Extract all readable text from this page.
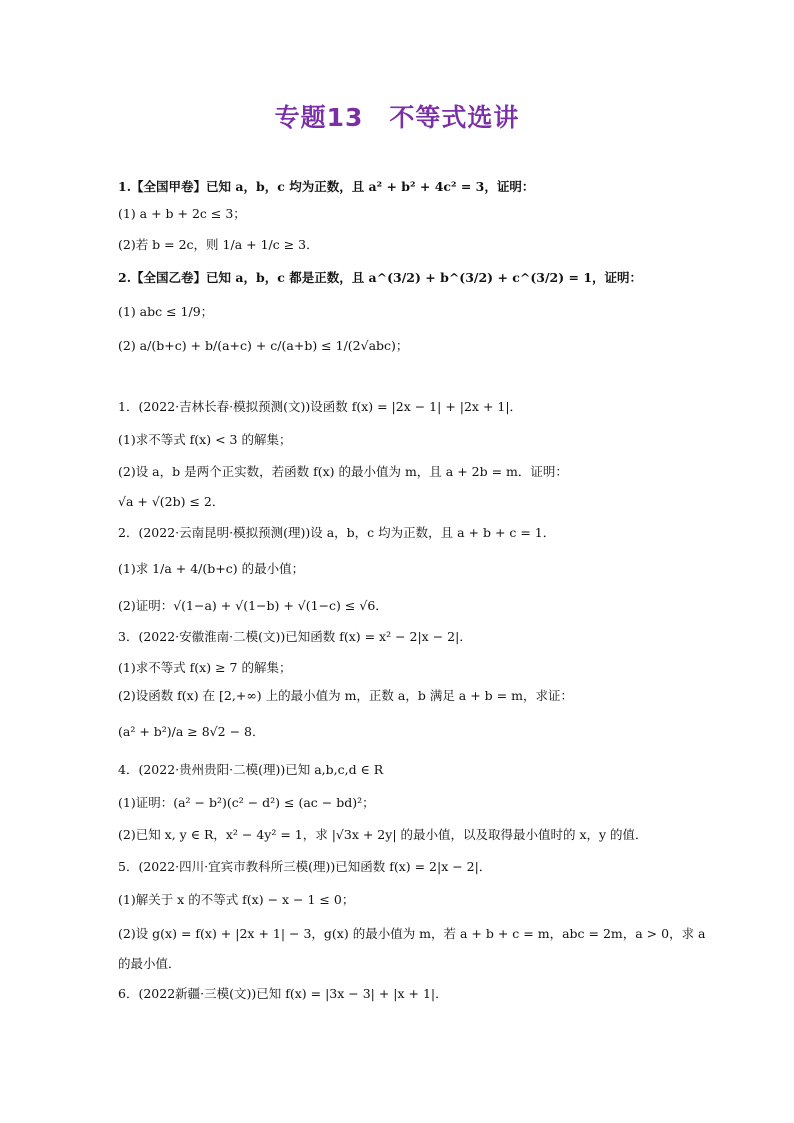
专题13　不等式选讲
1.【全国甲卷】已知 a，b，c 均为正数，且 a² + b² + 4c² = 3，证明：
(1) a + b + 2c ≤ 3；
(2)若 b = 2c，则 1/a + 1/c ≥ 3．
2.【全国乙卷】已知 a，b，c 都是正数，且 a^(3/2) + b^(3/2) + c^(3/2) = 1，证明：
(1) abc ≤ 1/9；
(2) a/(b+c) + b/(a+c) + c/(a+b) ≤ 1/(2√abc)；
1．(2022·吉林长春·模拟预测(文))设函数 f(x) = |2x − 1| + |2x + 1|．
(1)求不等式 f(x) < 3 的解集；
(2)设 a，b 是两个正实数，若函数 f(x) 的最小值为 m，且 a + 2b = m．证明：
√a + √(2b) ≤ 2．
2．(2022·云南昆明·模拟预测(理))设 a，b，c 均为正数，且 a + b + c = 1．
(1)求 1/a + 4/(b+c) 的最小值；
(2)证明：√(1−a) + √(1−b) + √(1−c) ≤ √6．
3．(2022·安徽淮南·二模(文))已知函数 f(x) = x² − 2|x − 2|．
(1)求不等式 f(x) ≥ 7 的解集；
(2)设函数 f(x) 在 [2,+∞) 上的最小值为 m，正数 a，b 满足 a + b = m，求证：
(a² + b²)/a ≥ 8√2 − 8．
4．(2022·贵州贵阳·二模(理))已知 a,b,c,d ∈ R
(1)证明：(a² − b²)(c² − d²) ≤ (ac − bd)²；
(2)已知 x, y ∈ R，x² − 4y² = 1，求 |√3x + 2y| 的最小值，以及取得最小值时的 x，y 的值．
5．(2022·四川·宜宾市教科所三模(理))已知函数 f(x) = 2|x − 2|．
(1)解关于 x 的不等式 f(x) − x − 1 ≤ 0；
(2)设 g(x) = f(x) + |2x + 1| − 3，g(x) 的最小值为 m，若 a + b + c = m，abc = 2m，a > 0，求 a
的最小值．
6．(2022新疆·三模(文))已知 f(x) = |3x − 3| + |x + 1|．
